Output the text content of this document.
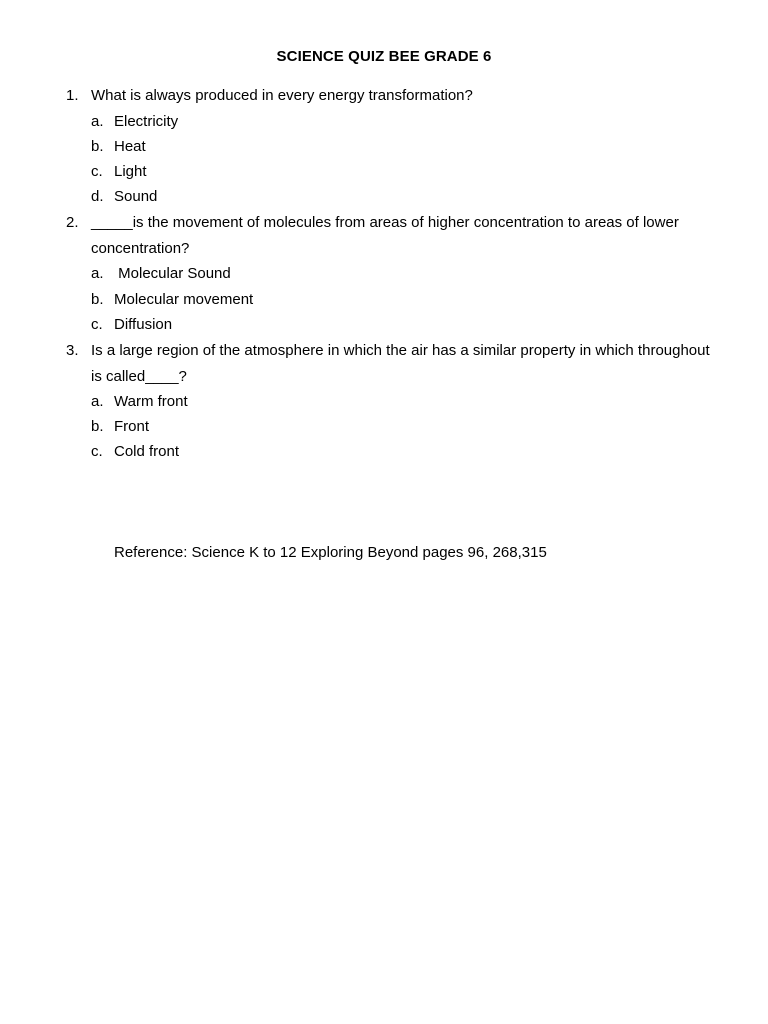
SCIENCE QUIZ BEE GRADE 6
1. What is always produced in every energy transformation?
a. Electricity
b. Heat
c. Light
d. Sound
2. _____is the movement of molecules from areas of higher concentration to areas of lower concentration?
a. Molecular Sound
b. Molecular movement
c. Diffusion
3. Is a large region of the atmosphere in which the air has a similar property in which throughout is called____?
a. Warm front
b. Front
c. Cold front
Reference: Science K to 12 Exploring Beyond pages 96, 268,315
